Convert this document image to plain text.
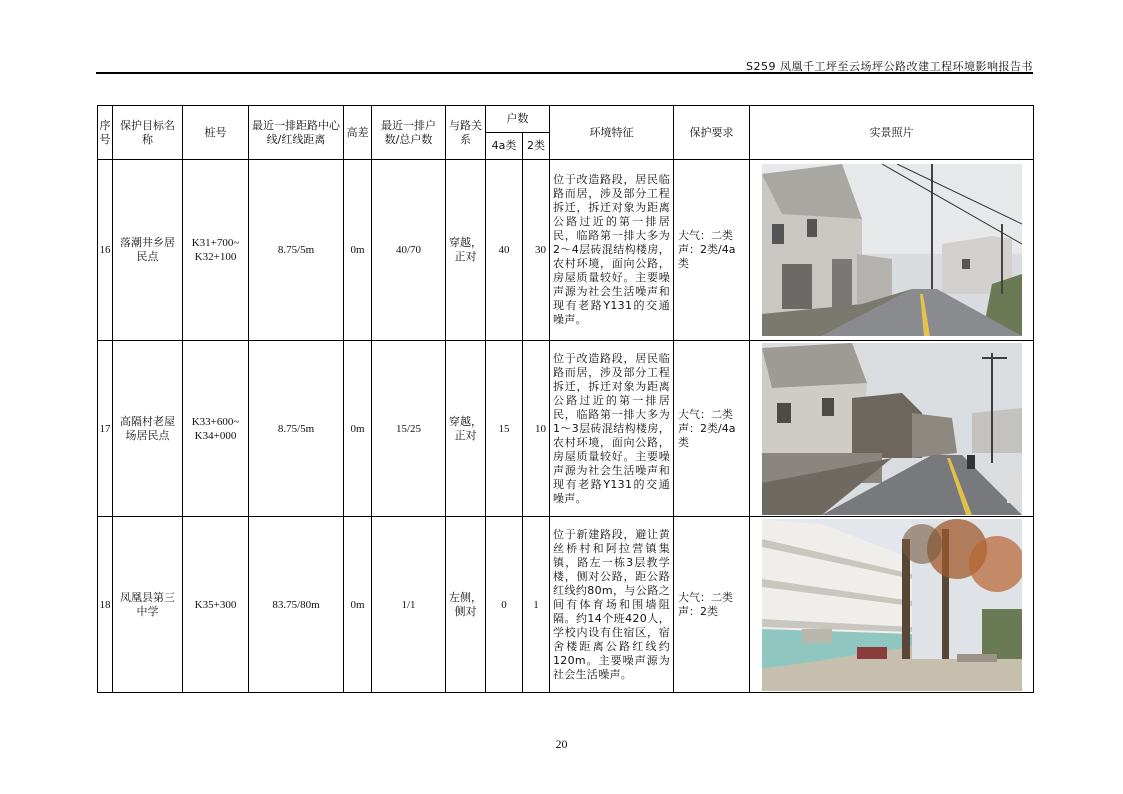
S259 凤凰千工坪至云场坪公路改建工程环境影响报告书
序号	保护目标名称	桩号	最近一排距路中心线/红线距离	高差	最近一排户数/总户数	与路关系	户数		环境特征	保护要求	实景照片
							4a类	2类			
16	落潮井乡居民点	K31+700~ K32+100	8.75/5m	0m	40/70	穿越，正对	40	30	位于改造路段，居民临路而居，涉及部分工程拆迁，拆迁对象为距离公路过近的第一排居民，临路第一排大多为2～4层砖混结构楼房，农村环境，面向公路，房屋质量较好。主要噪声源为社会生活噪声和现有老路Y131的交通噪声。	大气：二类 声：2类/4a类	

17	高隔村老屋场居民点	K33+600~ K34+000	8.75/5m	0m	15/25	穿越，正对	15	10	位于改造路段，居民临路而居，涉及部分工程拆迁，拆迁对象为距离公路过近的第一排居民，临路第一排大多为1～3层砖混结构楼房，农村环境，面向公路，房屋质量较好。主要噪声源为社会生活噪声和现有老路Y131的交通噪声。	大气：二类 声：2类/4a类	

18	凤凰县第三中学	K35+300	83.75/80m	0m	1/1	左侧，侧对	0	1	位于新建路段，避让黄丝桥村和阿拉营镇集镇，路左一栋3层教学楼，侧对公路，距公路红线约80m，与公路之间有体育场和围墙阻隔。约14个班420人，学校内设有住宿区，宿舍楼距离公路红线约120m。主要噪声源为社会生活噪声。	大气：二类 声：2类	
20
